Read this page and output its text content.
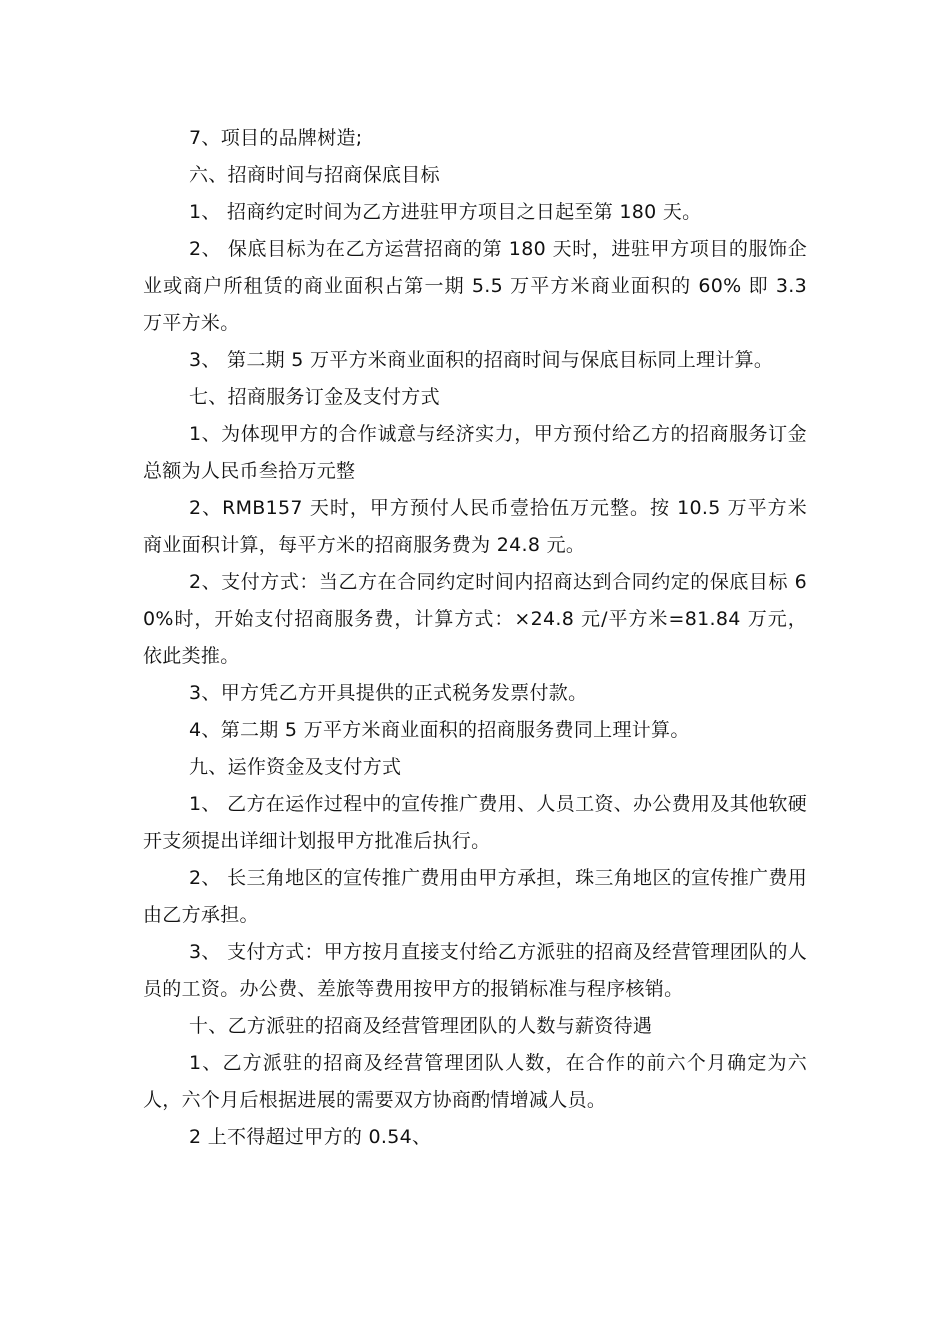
7、项目的品牌树造;

六、招商时间与招商保底目标

1、 招商约定时间为乙方进驻甲方项目之日起至第 180 天。

2、 保底目标为在乙方运营招商的第 180 天时，进驻甲方项目的服饰企业或商户所租赁的商业面积占第一期 5.5 万平方米商业面积的 60% 即 3.3 万平方米。

3、 第二期 5 万平方米商业面积的招商时间与保底目标同上理计算。

七、招商服务订金及支付方式

1、为体现甲方的合作诚意与经济实力，甲方预付给乙方的招商服务订金总额为人民币叁拾万元整

2、RMB157 天时，甲方预付人民币壹拾伍万元整。按 10.5 万平方米商业面积计算，每平方米的招商服务费为 24.8 元。

2、支付方式：当乙方在合同约定时间内招商达到合同约定的保底目标 60%时，开始支付招商服务费，计算方式：×24.8 元/平方米=81.84 万元，依此类推。

3、甲方凭乙方开具提供的正式税务发票付款。

4、第二期 5 万平方米商业面积的招商服务费同上理计算。

九、运作资金及支付方式

1、 乙方在运作过程中的宣传推广费用、人员工资、办公费用及其他软硬开支须提出详细计划报甲方批准后执行。

2、 长三角地区的宣传推广费用由甲方承担，珠三角地区的宣传推广费用由乙方承担。

3、 支付方式：甲方按月直接支付给乙方派驻的招商及经营管理团队的人员的工资。办公费、差旅等费用按甲方的报销标准与程序核销。

十、乙方派驻的招商及经营管理团队的人数与薪资待遇

1、乙方派驻的招商及经营管理团队人数，在合作的前六个月确定为六人，六个月后根据进展的需要双方协商酌情增减人员。

2 上不得超过甲方的 0.54、
